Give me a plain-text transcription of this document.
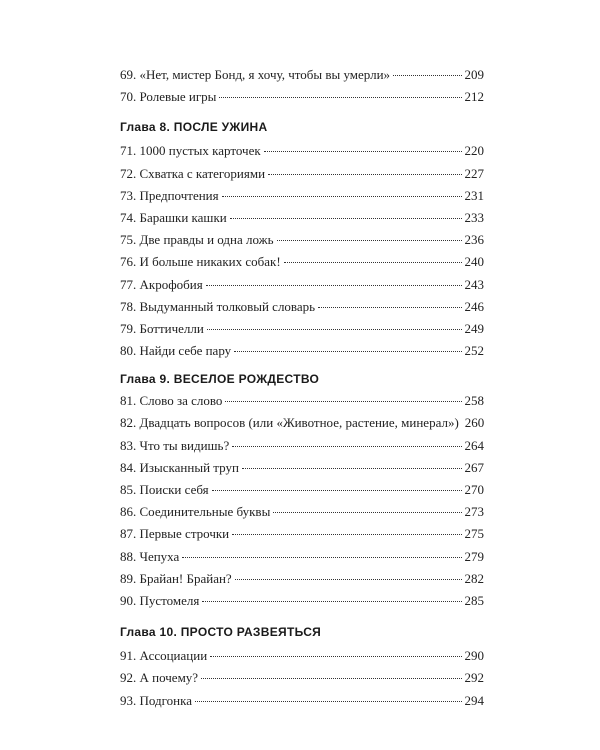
69. «Нет, мистер Бонд, я хочу, чтобы вы умерли»	209
70. Ролевые игры	212
Глава 8. ПОСЛЕ УЖИНА
71. 1000 пустых карточек	220
72. Схватка с категориями	227
73. Предпочтения	231
74. Барашки кашки	233
75. Две правды и одна ложь	236
76. И больше никаких собак!	240
77. Акрофобия	243
78. Выдуманный толковый словарь	246
79. Боттичелли	249
80. Найди себе пару	252
Глава 9. ВЕСЕЛОЕ РОЖДЕСТВО
81. Слово за слово	258
82. Двадцать вопросов (или «Животное, растение, минерал») 260
83. Что ты видишь?	264
84. Изысканный труп	267
85. Поиски себя	270
86. Соединительные буквы	273
87. Первые строчки	275
88. Чепуха	279
89. Брайан! Брайан?	282
90. Пустомеля	285
Глава 10. ПРОСТО РАЗВЕЯТЬСЯ
91. Ассоциации	290
92. А почему?	292
93. Подгонка	294
